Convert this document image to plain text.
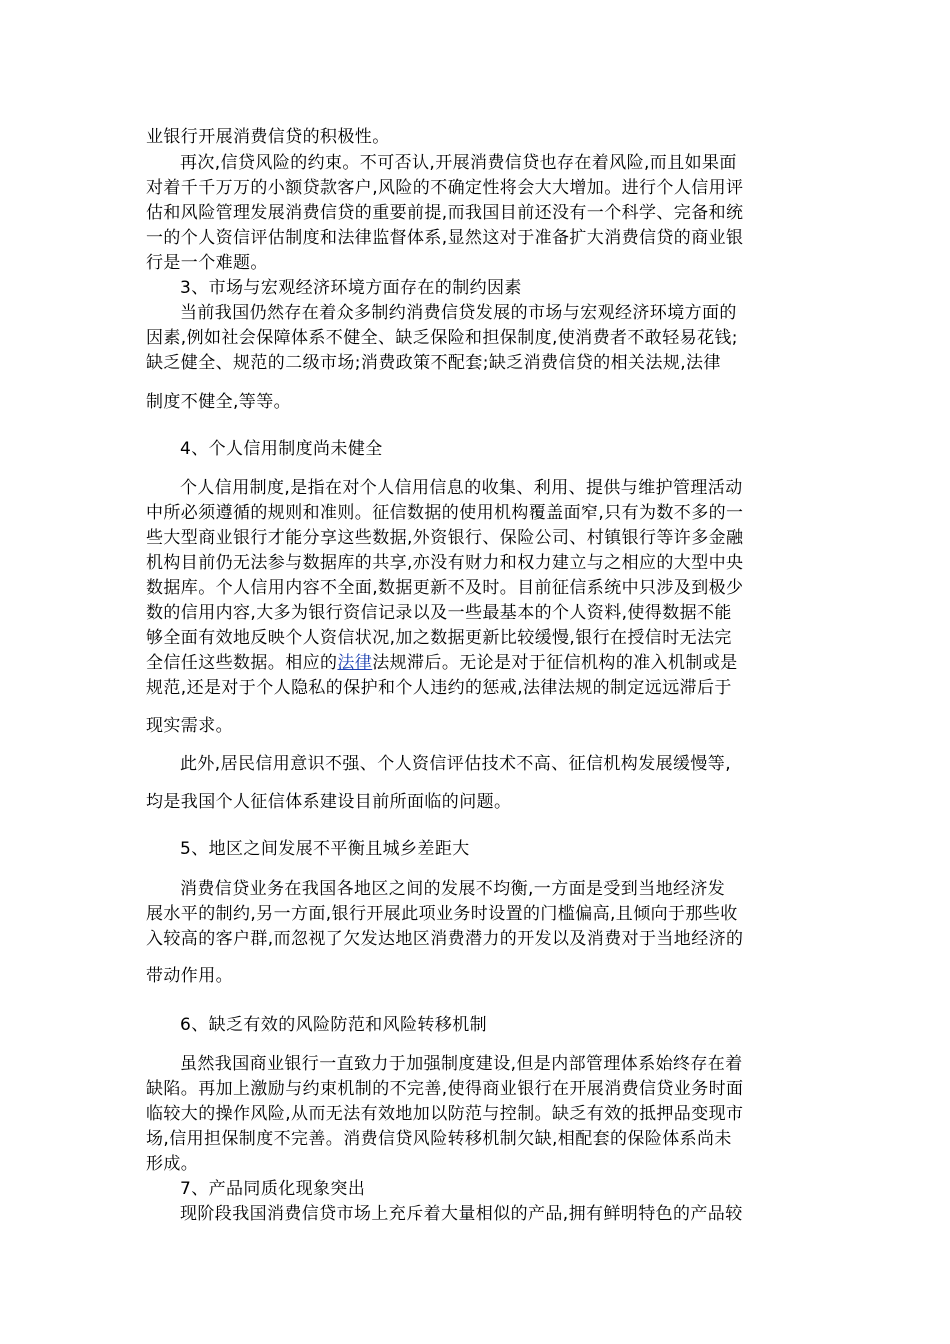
业银行开展消费信贷的积极性。
再次,信贷风险的约束。不可否认,开展消费信贷也存在着风险,而且如果面
对着千千万万的小额贷款客户,风险的不确定性将会大大增加。进行个人信用评
估和风险管理发展消费信贷的重要前提,而我国目前还没有一个科学、完备和统
一的个人资信评估制度和法律监督体系,显然这对于准备扩大消费信贷的商业银
行是一个难题。
3、市场与宏观经济环境方面存在的制约因素
当前我国仍然存在着众多制约消费信贷发展的市场与宏观经济环境方面的
因素,例如社会保障体系不健全、缺乏保险和担保制度,使消费者不敢轻易花钱;
缺乏健全、规范的二级市场;消费政策不配套;缺乏消费信贷的相关法规,法律
制度不健全,等等。
4、个人信用制度尚未健全
个人信用制度,是指在对个人信用信息的收集、利用、提供与维护管理活动
中所必须遵循的规则和准则。征信数据的使用机构覆盖面窄,只有为数不多的一
些大型商业银行才能分享这些数据,外资银行、保险公司、村镇银行等许多金融
机构目前仍无法参与数据库的共享,亦没有财力和权力建立与之相应的大型中央
数据库。个人信用内容不全面,数据更新不及时。目前征信系统中只涉及到极少
数的信用内容,大多为银行资信记录以及一些最基本的个人资料,使得数据不能
够全面有效地反映个人资信状况,加之数据更新比较缓慢,银行在授信时无法完
全信任这些数据。相应的法律法规滞后。无论是对于征信机构的准入机制或是
规范,还是对于个人隐私的保护和个人违约的惩戒,法律法规的制定远远滞后于
现实需求。
此外,居民信用意识不强、个人资信评估技术不高、征信机构发展缓慢等,
均是我国个人征信体系建设目前所面临的问题。
5、地区之间发展不平衡且城乡差距大
消费信贷业务在我国各地区之间的发展不均衡,一方面是受到当地经济发
展水平的制约,另一方面,银行开展此项业务时设置的门槛偏高,且倾向于那些收
入较高的客户群,而忽视了欠发达地区消费潜力的开发以及消费对于当地经济的
带动作用。
6、缺乏有效的风险防范和风险转移机制
虽然我国商业银行一直致力于加强制度建设,但是内部管理体系始终存在着
缺陷。再加上激励与约束机制的不完善,使得商业银行在开展消费信贷业务时面
临较大的操作风险,从而无法有效地加以防范与控制。缺乏有效的抵押品变现市
场,信用担保制度不完善。消费信贷风险转移机制欠缺,相配套的保险体系尚未
形成。
7、产品同质化现象突出
现阶段我国消费信贷市场上充斥着大量相似的产品,拥有鲜明特色的产品较
